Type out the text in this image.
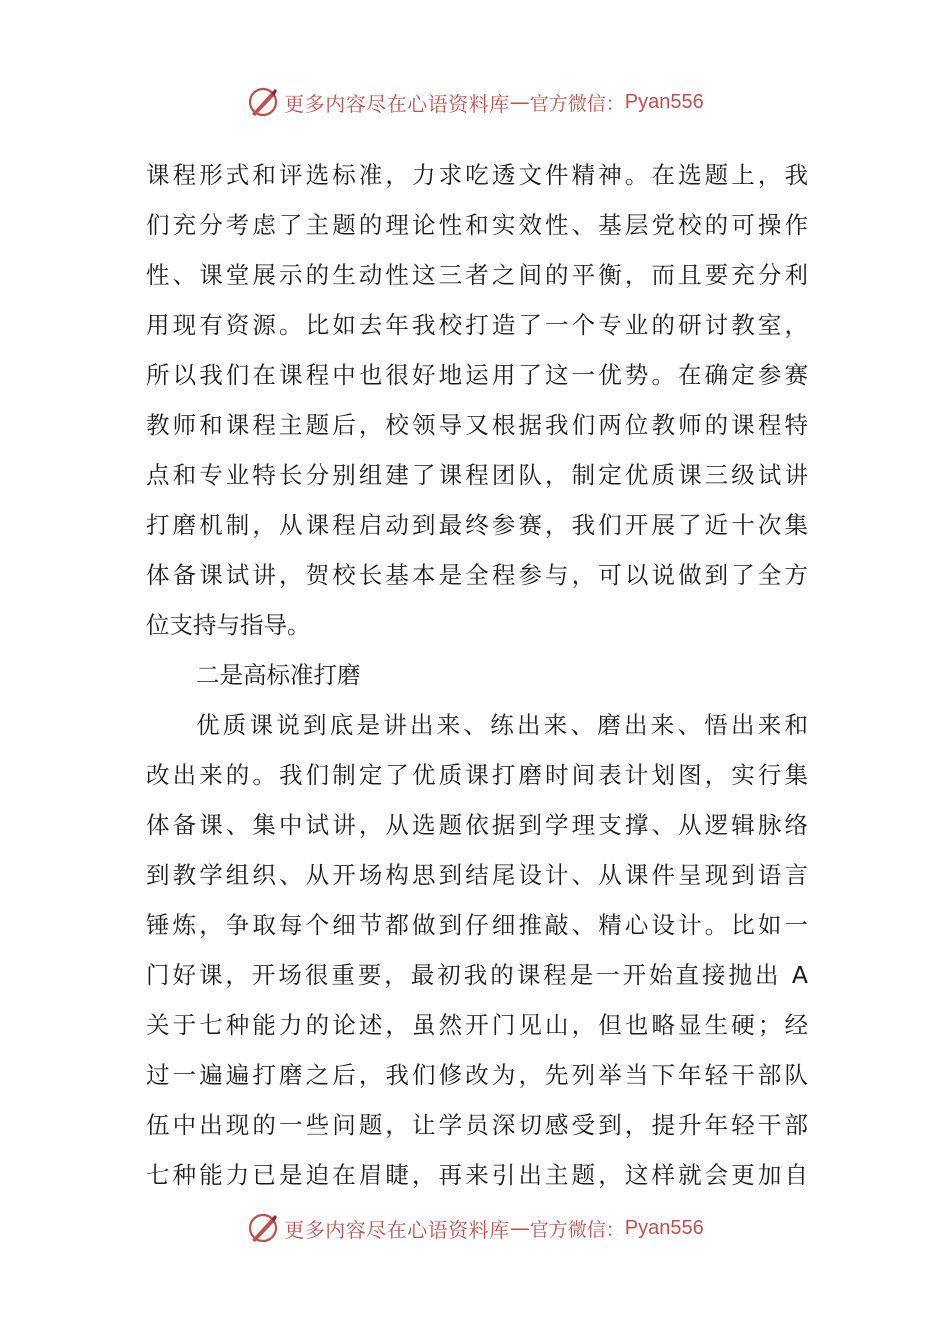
更多内容尽在心语资料库 — 官方微信： Pyan556
课程形式和评选标准，力求吃透文件精神。在选题上，我
们充分考虑了主题的理论性和实效性、基层党校的可操作
性、课堂展示的生动性这三者之间的平衡，而且要充分利
用现有资源。比如去年我校打造了一个专业的研讨教室，
所以我们在课程中也很好地运用了这一优势。在确定参赛
教师和课程主题后，校领导又根据我们两位教师的课程特
点和专业特长分别组建了课程团队，制定优质课三级试讲
打磨机制，从课程启动到最终参赛，我们开展了近十次集
体备课试讲，贺校长基本是全程参与，可以说做到了全方
位支持与指导。
二是高标准打磨
优质课说到底是讲出来、练出来、磨出来、悟出来和
改出来的。我们制定了优质课打磨时间表计划图，实行集
体备课、集中试讲，从选题依据到学理支撑、从逻辑脉络
到教学组织、从开场构思到结尾设计、从课件呈现到语言
锤炼，争取每个细节都做到仔细推敲、精心设计。比如一
门好课，开场很重要，最初我的课程是一开始直接抛出 A
关于七种能力的论述，虽然开门见山，但也略显生硬；经
过一遍遍打磨之后，我们修改为，先列举当下年轻干部队
伍中出现的一些问题，让学员深切感受到，提升年轻干部
七种能力已是迫在眉睫，再来引出主题，这样就会更加自
更多内容尽在心语资料库 — 官方微信： Pyan556
